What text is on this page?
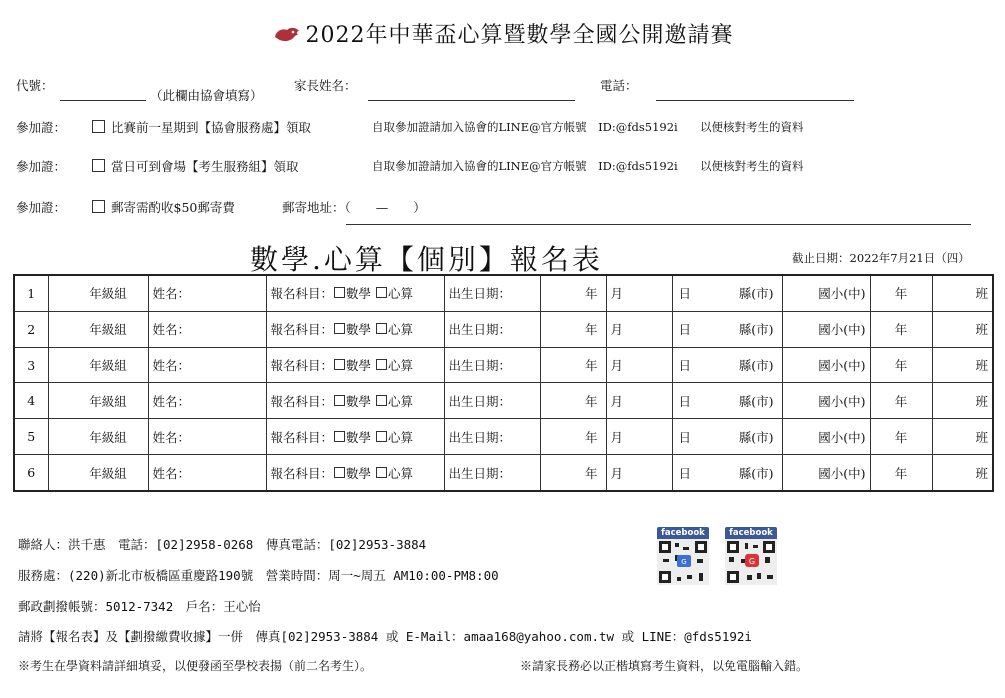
2022年中華盃心算暨數學全國公開邀請賽
代號：
（此欄由協會填寫）
家長姓名：	電話：
參加證：	比賽前一星期到【協會服務處】領取	自取參加證請加入協會的LINE@官方帳號　ID:@fds5192i 以便核對考生的資料
參加證：	當日可到會場【考生服務組】領取	自取參加證請加入協會的LINE@官方帳號　ID:@fds5192i 以便核對考生的資料
參加證：	郵寄需酌收$50郵寄費	郵寄地址：（　　—　　）
數學.心算【個別】報名表	截止日期：2022年7月21日（四）
1	年級組	姓名：	報名科目： 數學 心算	出生日期：	年	月	日 縣(市)	國小(中)	年	班
2	年級組	姓名：	報名科目： 數學 心算	出生日期：	年	月	日 縣(市)	國小(中)	年	班
3	年級組	姓名：	報名科目： 數學 心算	出生日期：	年	月	日 縣(市)	國小(中)	年	班
4	年級組	姓名：	報名科目： 數學 心算	出生日期：	年	月	日 縣(市)	國小(中)	年	班
5	年級組	姓名：	報名科目： 數學 心算	出生日期：	年	月	日 縣(市)	國小(中)	年	班
6	年級組	姓名：	報名科目： 數學 心算	出生日期：	年	月	日 縣(市)	國小(中)	年	班
聯絡人：洪千惠　電話：[02]2958-0268　傳真電話：[02]2953-3884
服務處：(220)新北市板橋區重慶路190號　營業時間：周一~周五 AM10:00-PM8:00
郵政劃撥帳號：5012-7342　戶名：王心怡
請將【報名表】及【劃撥繳費收據】一併　傳真[02]2953-3884 或 E-Mail：amaa168@yahoo.com.tw 或 LINE：@fds5192i
※考生在學資料請詳細填妥，以便發函至學校表揚（前二名考生）。	※請家長務必以正楷填寫考生資料，以免電腦輸入錯。
facebook
G
facebook
G
